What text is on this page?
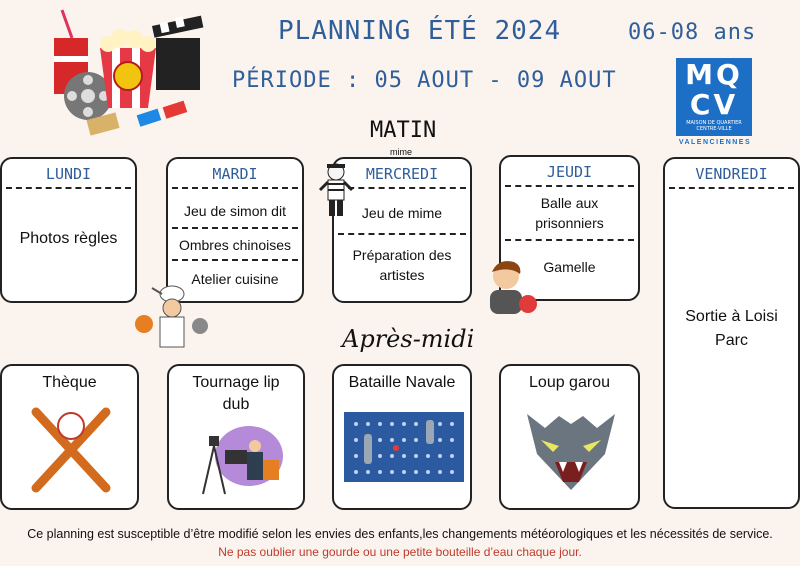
PLANNING ÉTÉ 2024
PÉRIODE : 05 AOUT - 09 AOUT
06-08 ans
MQ
CV
MAISON DE QUARTIER CENTRE-VILLE
VALENCIENNES
MATIN
mime
LUNDI
Photos règles
MARDI
Jeu de simon dit
Ombres chinoises
Atelier cuisine
MERCREDI
Jeu de mime
Préparation des artistes
JEUDI
Balle aux prisonniers
Gamelle
VENDREDI
Sortie à Loisi Parc
Après-midi
Thèque	Tournage lip dub
Bataille Navale	Loup garou
Ce planning est susceptible d’être modifié selon les envies des enfants,les changements météorologiques et les nécessités de service.
Ne pas oublier une gourde ou une petite bouteille d’eau chaque jour.
